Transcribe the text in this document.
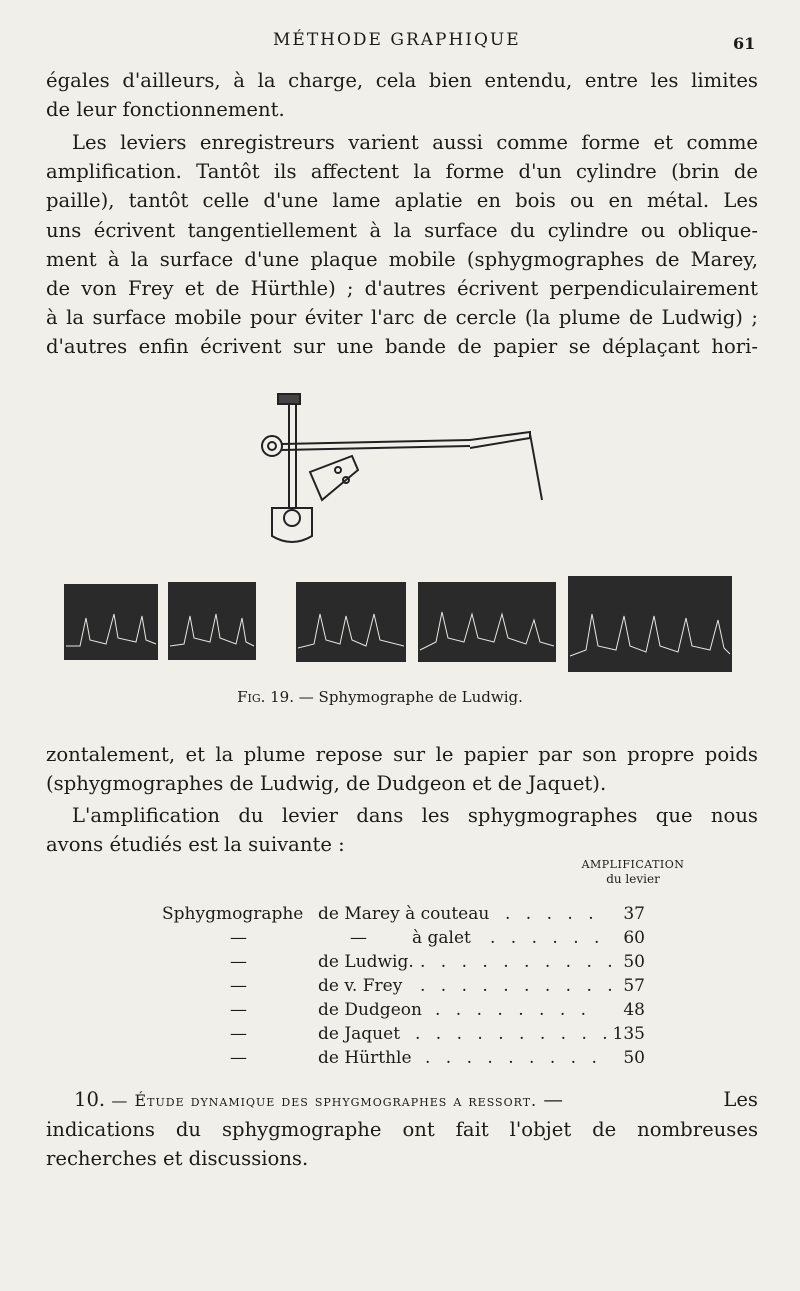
MÉTHODE GRAPHIQUE	61

égales d'ailleurs, à la charge, cela bien entendu, entre les limites
de leur fonctionnement.

Les leviers enregistreurs varient aussi comme forme et comme
amplification. Tantôt ils affectent la forme d'un cylindre (brin de
paille), tantôt celle d'une lame aplatie en bois ou en métal. Les
uns écrivent tangentiellement à la surface du cylindre ou oblique-
ment à la surface d'une plaque mobile (sphygmographes de Marey,
de von Frey et de Hürthle) ; d'autres écrivent perpendiculairement
à la surface mobile pour éviter l'arc de cercle (la plume de Ludwig) ;
d'autres enfin écrivent sur une bande de papier se déplaçant hori-

Fig. 19. — Sphymographe de Ludwig.

zontalement, et la plume repose sur le papier par son propre poids
(sphygmographes de Ludwig, de Dudgeon et de Jaquet).

L'amplification du levier dans les sphygmographes que nous
avons étudiés est la suivante :

AMPLIFICATION
du levier
Sphygmographe de Marey à couteau . . . . .	37
—	—	à galet . . . . . .	60
—	de Ludwig. . . . . . . . . . . 50
—	de v. Frey . . . . . . . . . . 57
—	de Dudgeon . . . . . . . .	48
—	de Jaquet . . . . . . . . . . 135
—	de Hürthle . . . . . . . . .	50
10. — Étude dynamique des sphygmographes a ressort. —	Les
indications du sphygmographe ont fait l'objet de nombreuses
recherches et discussions.
